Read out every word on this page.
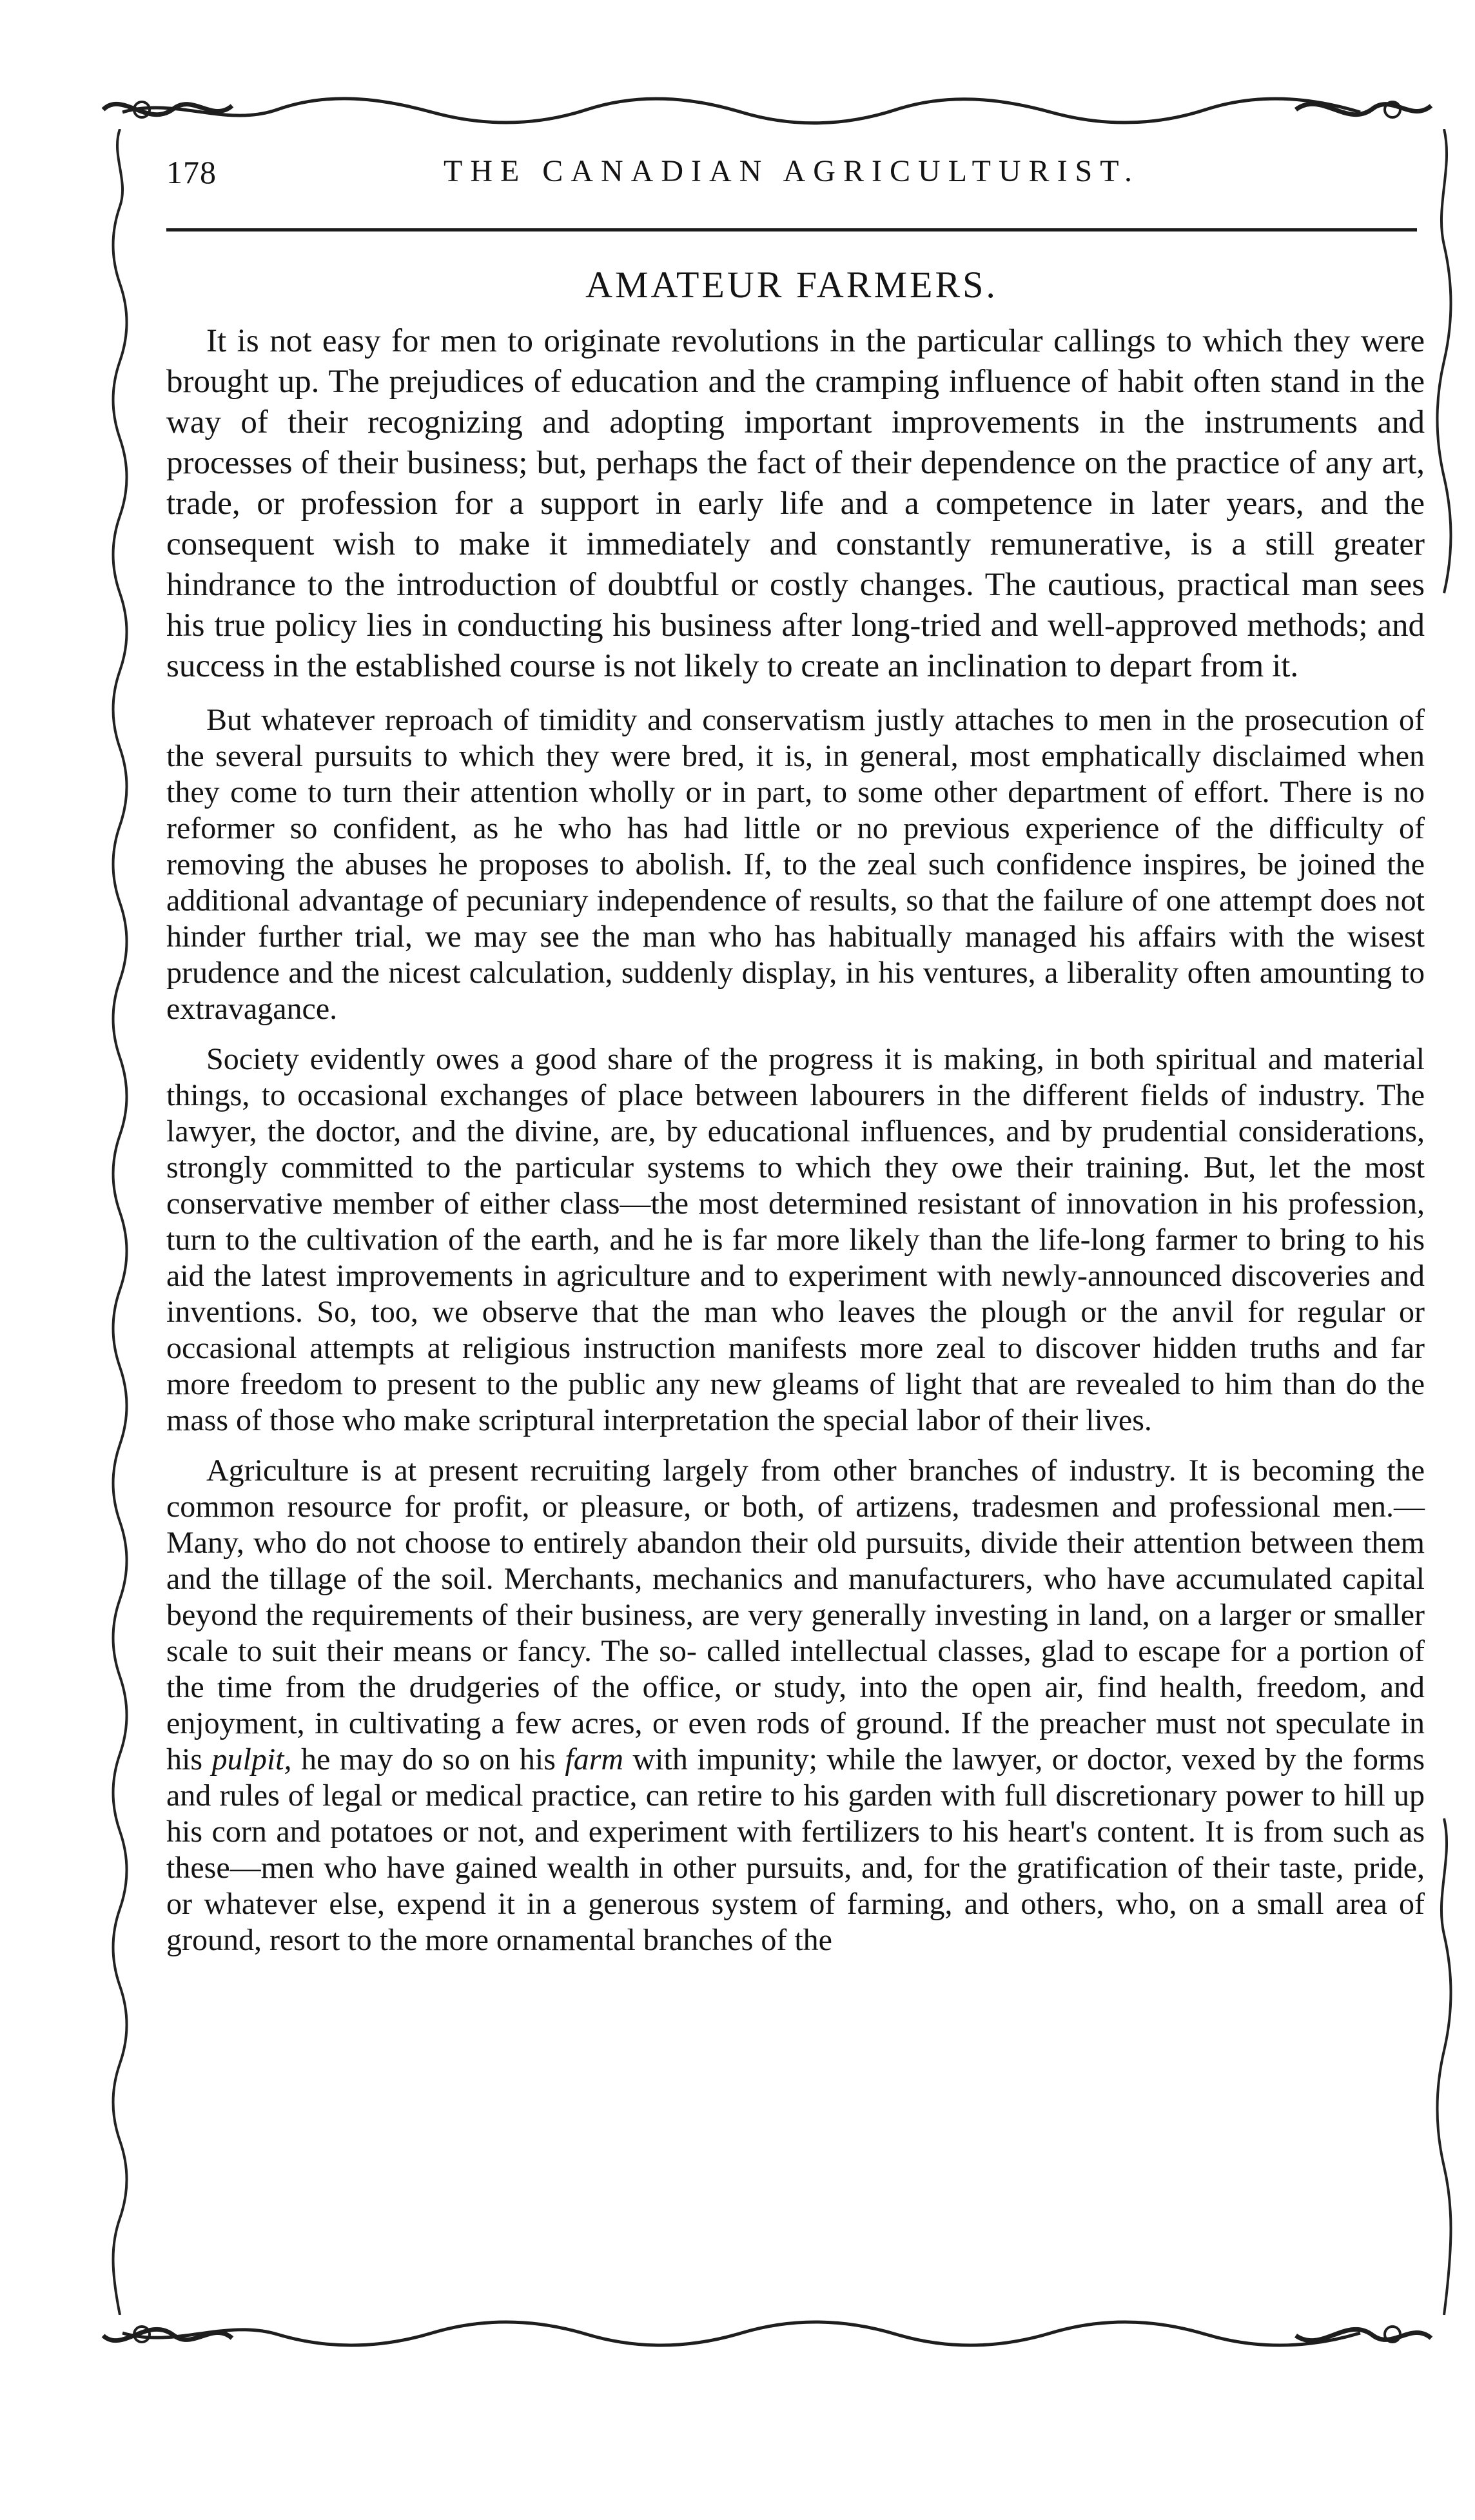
178	THE CANADIAN AGRICULTURIST.
AMATEUR FARMERS.

It is not easy for men to originate revolutions in the particular callings to which they were brought up. The prejudices of education and the cramping influence of habit often stand in the way of their recognizing and adopting important improvements in the instruments and processes of their business; but, perhaps the fact of their dependence on the practice of any art, trade, or profession for a support in early life and a competence in later years, and the consequent wish to make it immediately and constantly remunerative, is a still greater hindrance to the introduction of doubtful or costly changes. The cautious, practical man sees his true policy lies in conducting his business after long-tried and well-approved methods; and success in the established course is not likely to create an inclination to depart from it.

But whatever reproach of timidity and conservatism justly attaches to men in the prosecution of the several pursuits to which they were bred, it is, in general, most emphatically disclaimed when they come to turn their attention wholly or in part, to some other department of effort. There is no reformer so confident, as he who has had little or no previous experience of the difficulty of removing the abuses he proposes to abolish. If, to the zeal such confidence inspires, be joined the additional advantage of pecuniary independence of results, so that the failure of one attempt does not hinder further trial, we may see the man who has habitually managed his affairs with the wisest prudence and the nicest calculation, suddenly display, in his ventures, a liberality often amounting to extravagance.

Society evidently owes a good share of the progress it is making, in both spiritual and material things, to occasional exchanges of place between labourers in the different fields of industry. The lawyer, the doctor, and the divine, are, by educational influences, and by prudential considerations, strongly committed to the particular systems to which they owe their training. But, let the most conservative member of either class—the most determined resistant of innovation in his profession, turn to the cultivation of the earth, and he is far more likely than the life-long farmer to bring to his aid the latest improvements in agriculture and to experiment with newly-announced discoveries and inventions. So, too, we observe that the man who leaves the plough or the anvil for regular or occasional attempts at religious instruction manifests more zeal to discover hidden truths and far more freedom to present to the public any new gleams of light that are revealed to him than do the mass of those who make scriptural interpretation the special labor of their lives.

Agriculture is at present recruiting largely from other branches of industry. It is becoming the common resource for profit, or pleasure, or both, of artizens, tradesmen and professional men.—Many, who do not choose to entirely abandon their old pursuits, divide their attention between them and the tillage of the soil. Merchants, mechanics and manufacturers, who have accumulated capital beyond the requirements of their business, are very generally investing in land, on a larger or smaller scale to suit their means or fancy. The so- called intellectual classes, glad to escape for a portion of the time from the drudgeries of the office, or study, into the open air, find health, freedom, and enjoyment, in cultivating a few acres, or even rods of ground. If the preacher must not speculate in his pulpit, he may do so on his farm with impunity; while the lawyer, or doctor, vexed by the forms and rules of legal or medical practice, can retire to his garden with full discretionary power to hill up his corn and potatoes or not, and experiment with fertilizers to his heart's content. It is from such as these—men who have gained wealth in other pursuits, and, for the gratification of their taste, pride, or whatever else, expend it in a generous system of farming, and others, who, on a small area of ground, resort to the more ornamental branches of the
